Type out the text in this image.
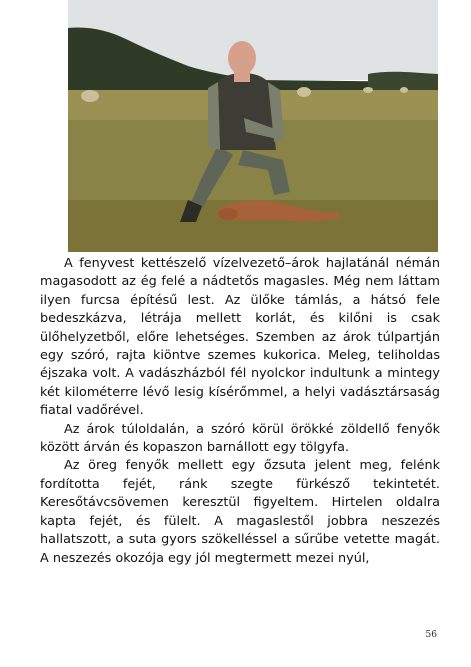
A fenyvest kettészelő vízelvezető–árok hajlatánál némán magasodott az ég felé a nádtetős magasles. Még nem láttam ilyen furcsa építésű lest. Az ülőke támlás, a hátsó fele bedeszkázva, létrája mellett korlát, és kilőni is csak ülőhelyzetből, előre lehetséges. Szemben az árok túlpartján egy szóró, rajta kiöntve szemes kukorica. Meleg, teliholdas éjszaka volt. A vadászházból fél nyolckor indultunk a mintegy két kilométerre lévő lesig kísérőmmel, a helyi vadásztársaság fiatal vadőrével.

Az árok túloldalán, a szóró körül örökké zöldellő fenyők között árván és kopaszon barnállott egy tölgyfa.

Az öreg fenyők mellett egy őzsuta jelent meg, felénk fordította fejét, ránk szegte fürkésző tekintetét. Keresőtávcsövemen keresztül figyeltem. Hirtelen oldalra kapta fejét, és fülelt. A magaslestől jobbra neszezés hallatszott, a suta gyors szökelléssel a sűrűbe vetette magát. A neszezés okozója egy jól megtermett mezei nyúl,

56
